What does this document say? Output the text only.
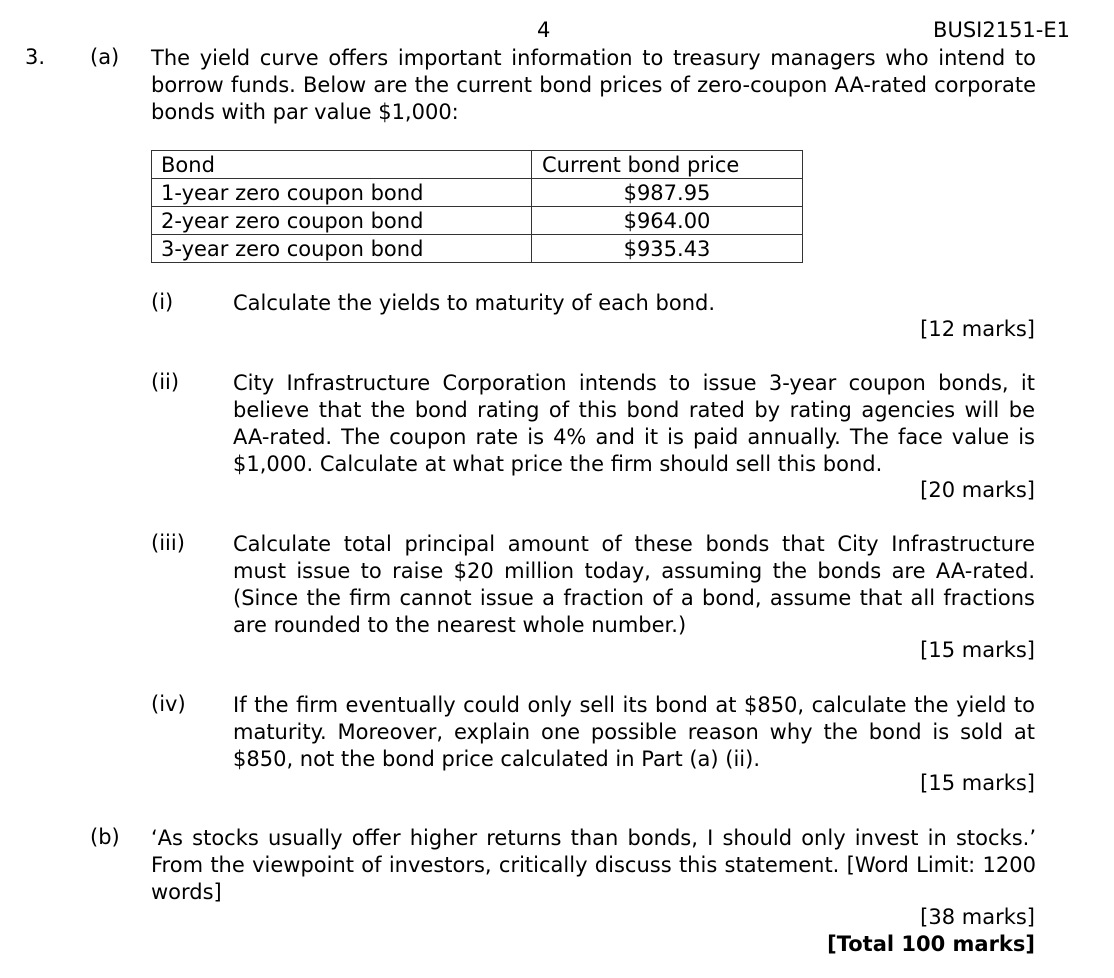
4	BUSI2151-E1
3. (a) The yield curve offers important information to treasury managers who intend to borrow funds. Below are the current bond prices of zero-coupon AA-rated corporate bonds with par value $1,000:
Bond	Current bond price
1-year zero coupon bond	$987.95
2-year zero coupon bond	$964.00
3-year zero coupon bond	$935.43
(i)	Calculate the yields to maturity of each bond.
[12 marks]
(ii)	City Infrastructure Corporation intends to issue 3-year coupon bonds, it believe that the bond rating of this bond rated by rating agencies will be AA-rated. The coupon rate is 4% and it is paid annually. The face value is $1,000. Calculate at what price the firm should sell this bond.
[20 marks]
(iii) Calculate total principal amount of these bonds that City Infrastructure must issue to raise $20 million today, assuming the bonds are AA-rated. (Since the firm cannot issue a fraction of a bond, assume that all fractions are rounded to the nearest whole number.)
[15 marks]
(iv) If the firm eventually could only sell its bond at $850, calculate the yield to maturity. Moreover, explain one possible reason why the bond is sold at $850, not the bond price calculated in Part (a) (ii).
[15 marks]
(b) ‘As stocks usually offer higher returns than bonds, I should only invest in stocks.’ From the viewpoint of investors, critically discuss this statement. [Word Limit: 1200 words]
[38 marks]
[Total 100 marks]
